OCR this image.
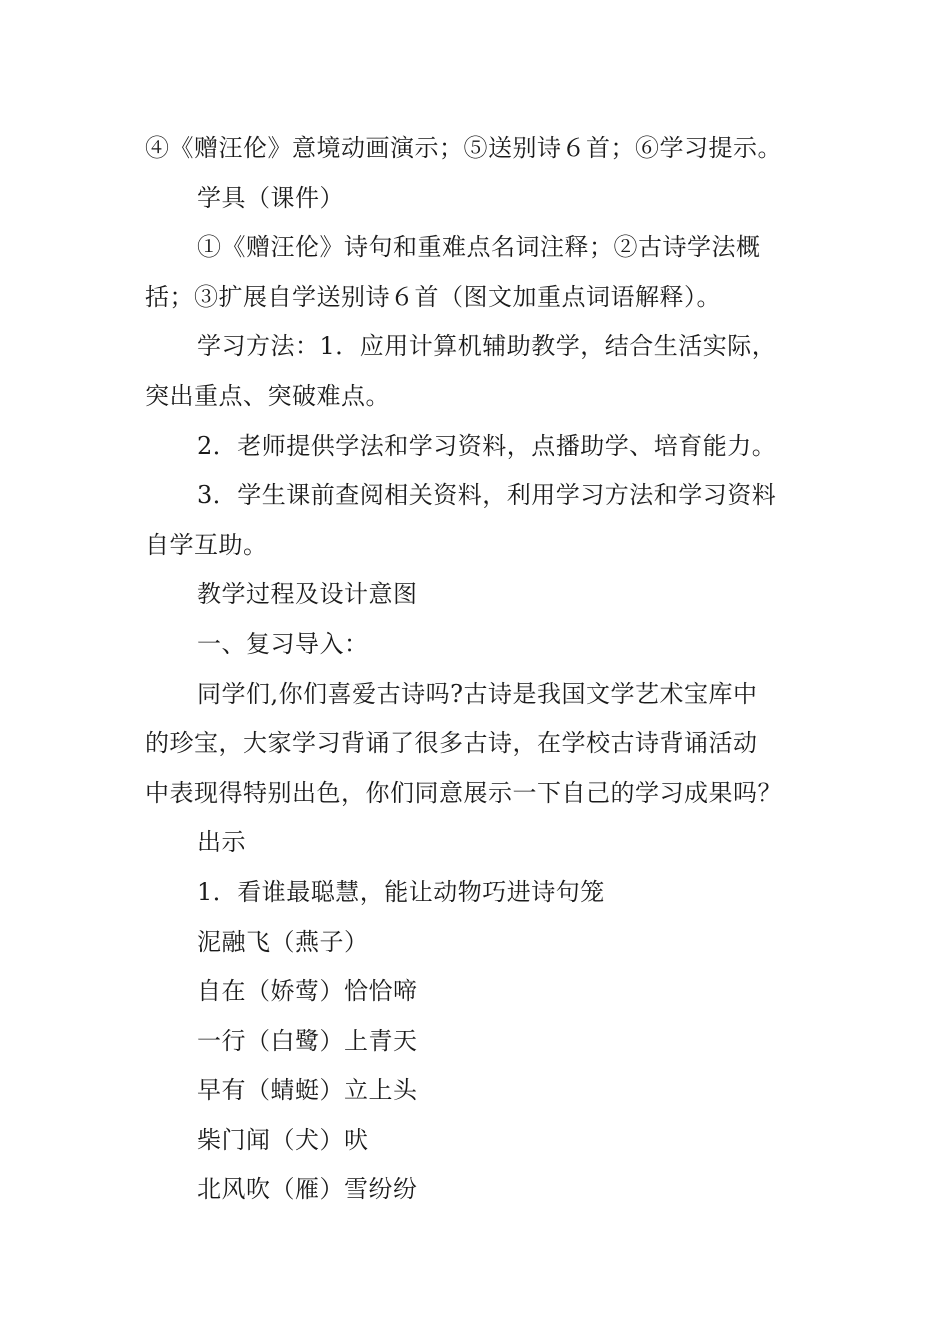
④《赠汪伦》意境动画演示；⑤送别诗６首；⑥学习提示。
学具（课件）
①《赠汪伦》诗句和重难点名词注释；②古诗学法概
括；③扩展自学送别诗６首（图文加重点词语解释）。
学习方法：1．应用计算机辅助教学，结合生活实际，
突出重点、突破难点。
2．老师提供学法和学习资料，点播助学、培育能力。
3．学生课前查阅相关资料，利用学习方法和学习资料
自学互助。
教学过程及设计意图
一、复习导入：
同学们,你们喜爱古诗吗?古诗是我国文学艺术宝库中
的珍宝，大家学习背诵了很多古诗，在学校古诗背诵活动
中表现得特别出色，你们同意展示一下自己的学习成果吗？
出示
1．看谁最聪慧，能让动物巧进诗句笼
泥融飞（燕子）
自在（娇莺）恰恰啼
一行（白鹭）上青天
早有（蜻蜓）立上头
柴门闻（犬）吠
北风吹（雁）雪纷纷
